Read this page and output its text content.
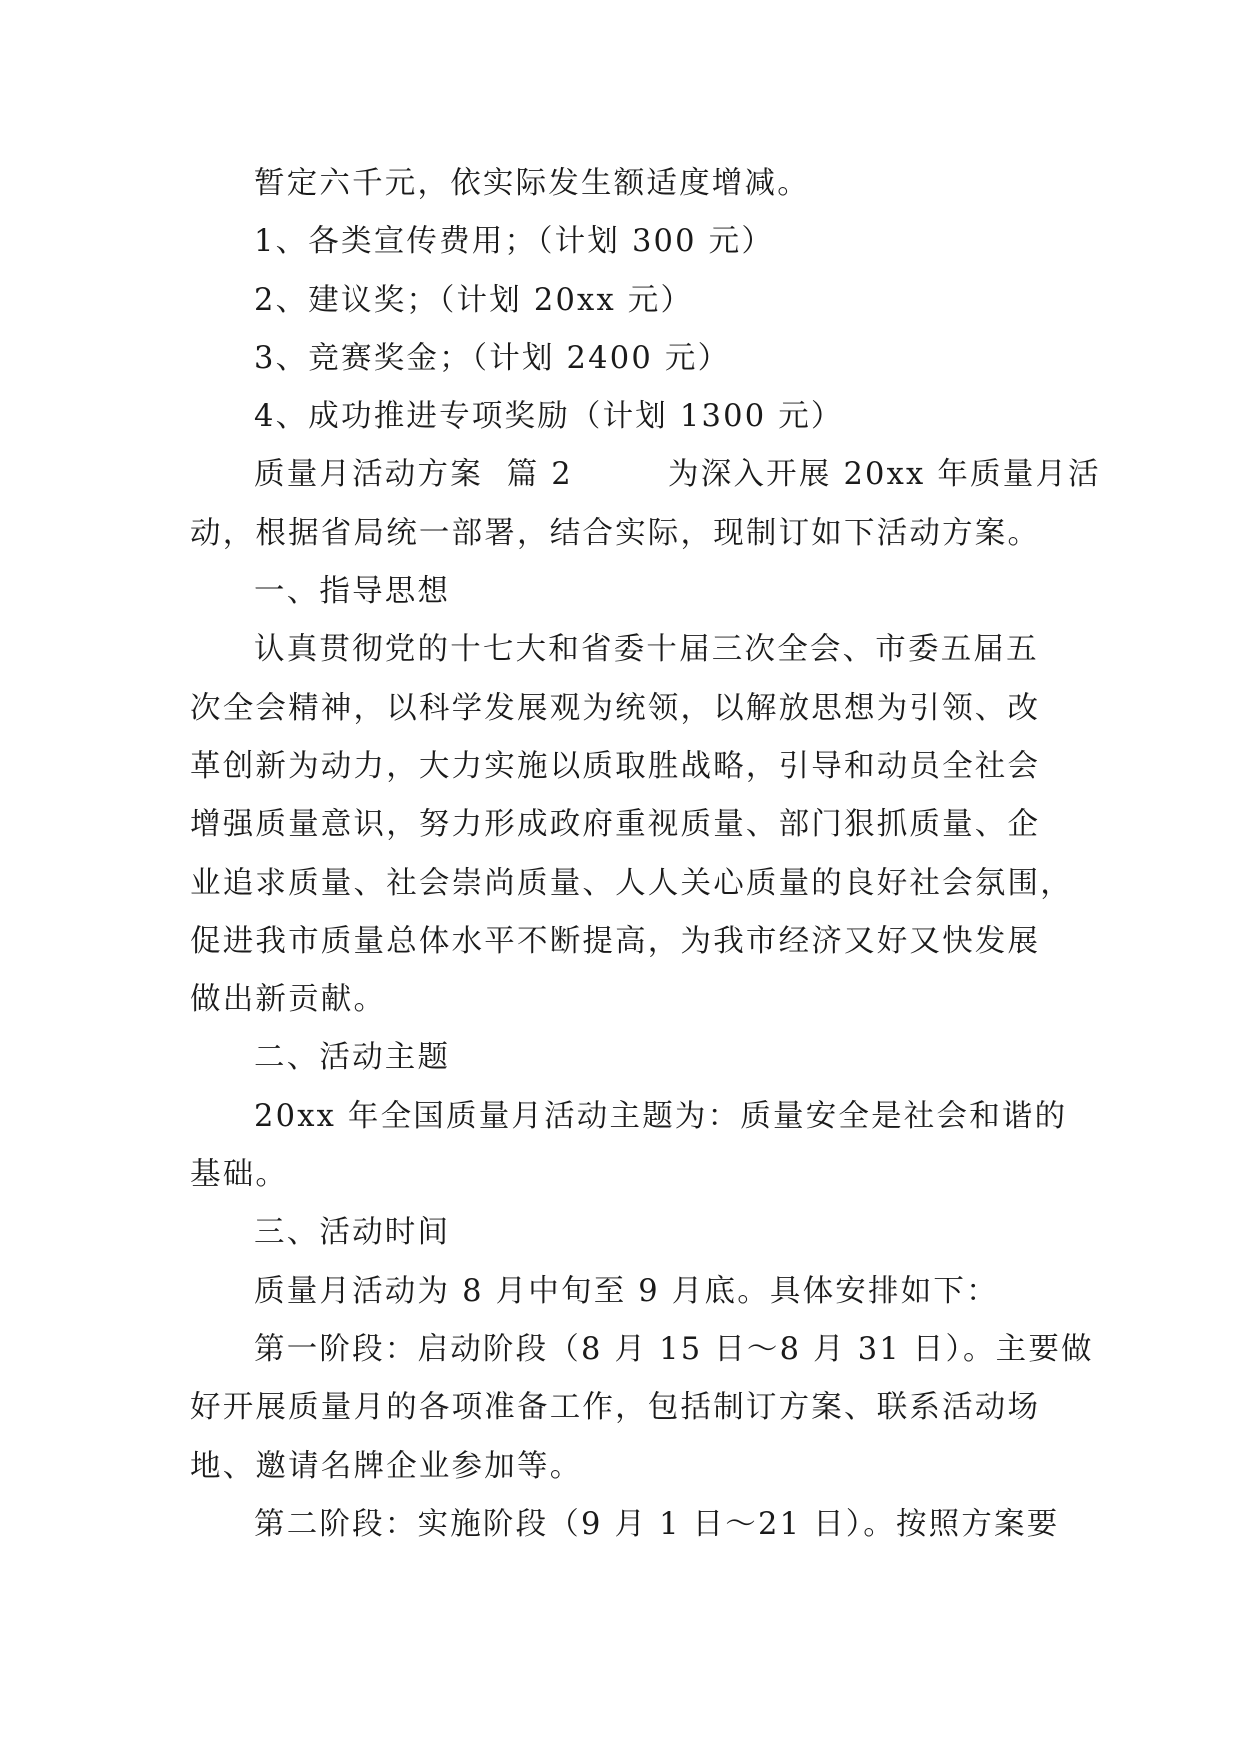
暂定六千元，依实际发生额适度增减。
1、各类宣传费用；（计划 300 元）
2、建议奖；（计划 20xx 元）
3、竞赛奖金；（计划 2400 元）
4、成功推进专项奖励（计划 1300 元）
质量月活动方案  篇 2        为深入开展 20xx 年质量月活
动，根据省局统一部署，结合实际，现制订如下活动方案。
一、指导思想
认真贯彻党的十七大和省委十届三次全会、市委五届五
次全会精神，以科学发展观为统领，以解放思想为引领、改
革创新为动力，大力实施以质取胜战略，引导和动员全社会
增强质量意识，努力形成政府重视质量、部门狠抓质量、企
业追求质量、社会崇尚质量、人人关心质量的良好社会氛围，
促进我市质量总体水平不断提高，为我市经济又好又快发展
做出新贡献。
二、活动主题
20xx 年全国质量月活动主题为：质量安全是社会和谐的
基础。
三、活动时间
质量月活动为 8 月中旬至 9 月底。具体安排如下：
第一阶段：启动阶段（8 月 15 日～8 月 31 日）。主要做
好开展质量月的各项准备工作，包括制订方案、联系活动场
地、邀请名牌企业参加等。
第二阶段：实施阶段（9 月 1 日～21 日）。按照方案要
